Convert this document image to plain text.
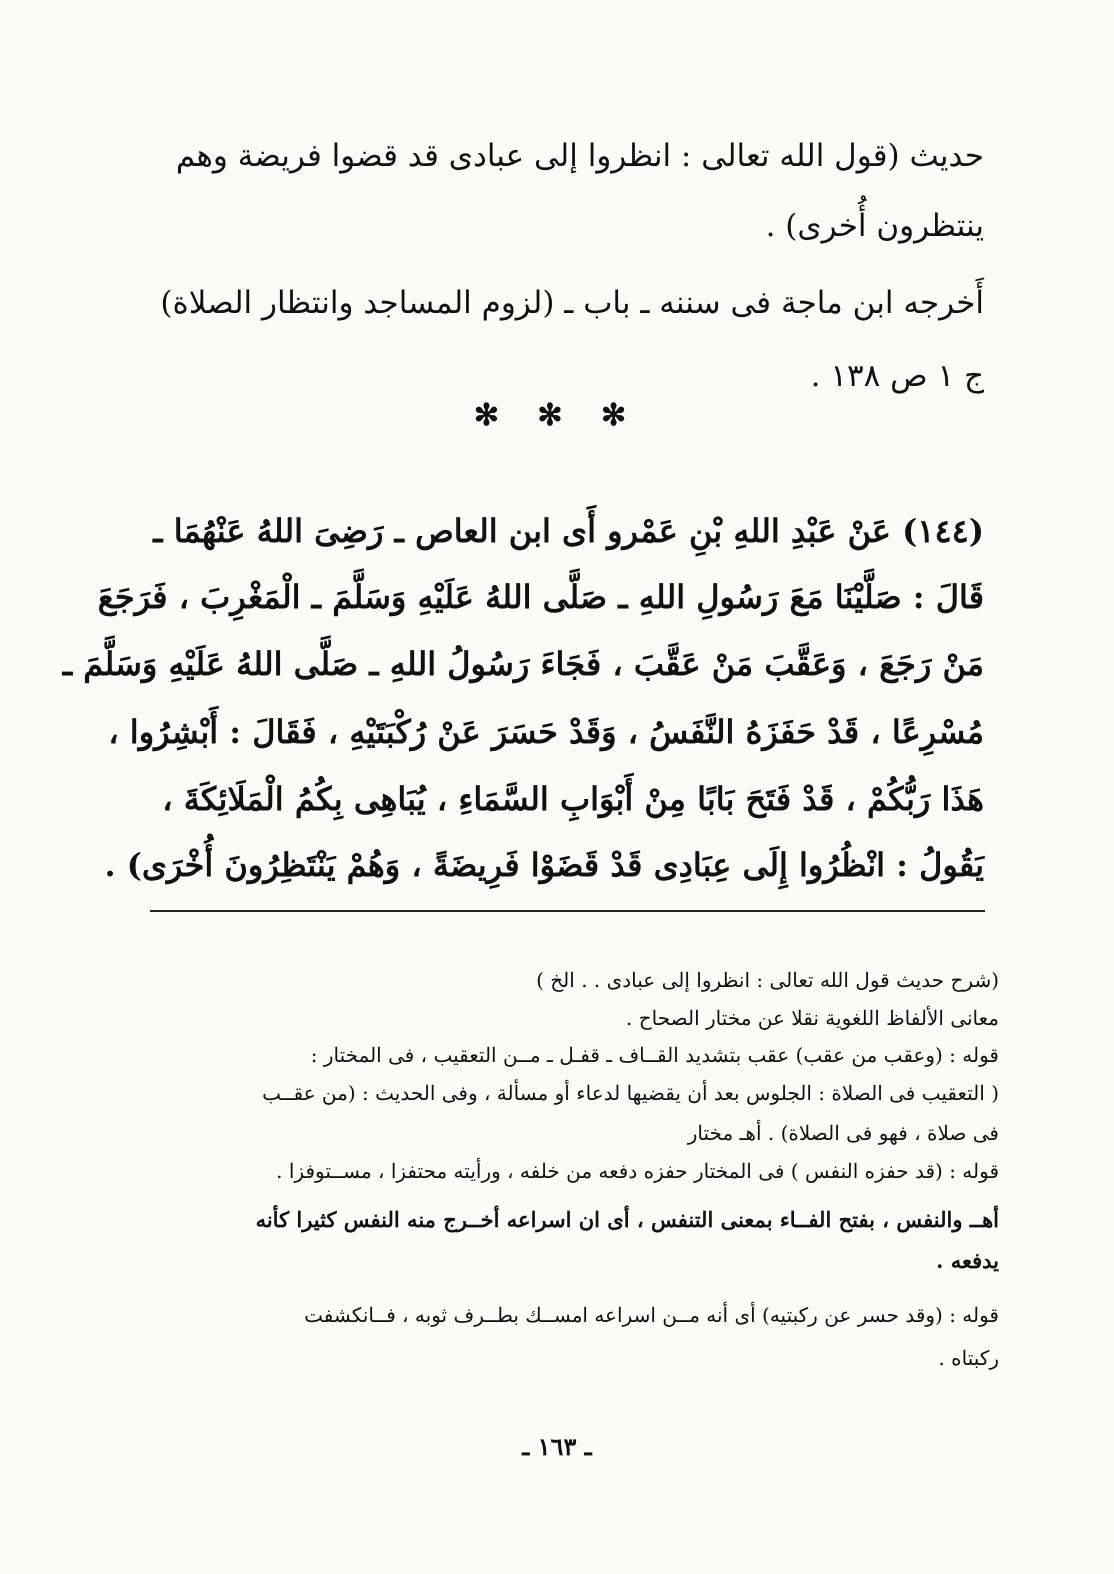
حديث (قول الله تعالى : انظروا إلى عبادى قد قضوا فريضة وهم
ينتظرون أُخرى) .
أَخرجه ابن ماجة فى سننه ـ باب ـ (لزوم المساجد وانتظار الصلاة)
ج ١ ص ١٣٨ .
✻ ✻ ✻
(١٤٤) عَنْ عَبْدِ اللهِ بْنِ عَمْرو أَى ابن العاص ـ رَضِىَ اللهُ عَنْهُمَا ـ
قَالَ : صَلَّيْنَا مَعَ رَسُولِ اللهِ ـ صَلَّى اللهُ عَلَيْهِ وَسَلَّمَ ـ الْمَغْرِبَ ، فَرَجَعَ
مَنْ رَجَعَ ، وَعَقَّبَ مَنْ عَقَّبَ ، فَجَاءَ رَسُولُ اللهِ ـ صَلَّى اللهُ عَلَيْهِ وَسَلَّمَ ـ
مُسْرِعًا ، قَدْ حَفَزَهُ النَّفَسُ ، وَقَدْ حَسَرَ عَنْ رُكْبَتَيْهِ ، فَقَالَ : أَبْشِرُوا ،
هَذَا رَبُّكُمْ ، قَدْ فَتَحَ بَابًا مِنْ أَبْوَابِ السَّمَاءِ ، يُبَاهِى بِكُمُ الْمَلَائِكَةَ ،
يَقُولُ : انْظُرُوا إِلَى عِبَادِى قَدْ قَضَوْا فَرِيضَةً ، وَهُمْ يَنْتَظِرُونَ أُخْرَى) .
(شرح حديث قول الله تعالى : انظروا إلى عبادى . . الخ )
معانى الألفاظ اللغوية نقلا عن مختار الصحاح .
قوله : (وعقب من عقب) عقب بتشديد القــاف ـ قفـل ـ مــن التعقيب ، فى المختار :
( التعقيب فى الصلاة : الجلوس بعد أن يقضيها لدعاء أو مسألة ، وفى الحديث : (من عقــب
فى صلاة ، فهو فى الصلاة) . أهـ مختار
قوله : (قد حفزه النفس ) فى المختار حفزه دفعه من خلفه ، ورأيته محتفزا ، مســتوفزا .
أهــ والنفس ، بفتح الفــاء بمعنى التنفس ، أى ان اسراعه أخــرج منه النفس كثيرا كأنه
يدفعه .
قوله : (وقد حسر عن ركبتيه) أى أنه مــن اسراعه امســك بطــرف ثوبه ، فــانكشفت
ركبتاه .
ـ ١٦٣ ـ
